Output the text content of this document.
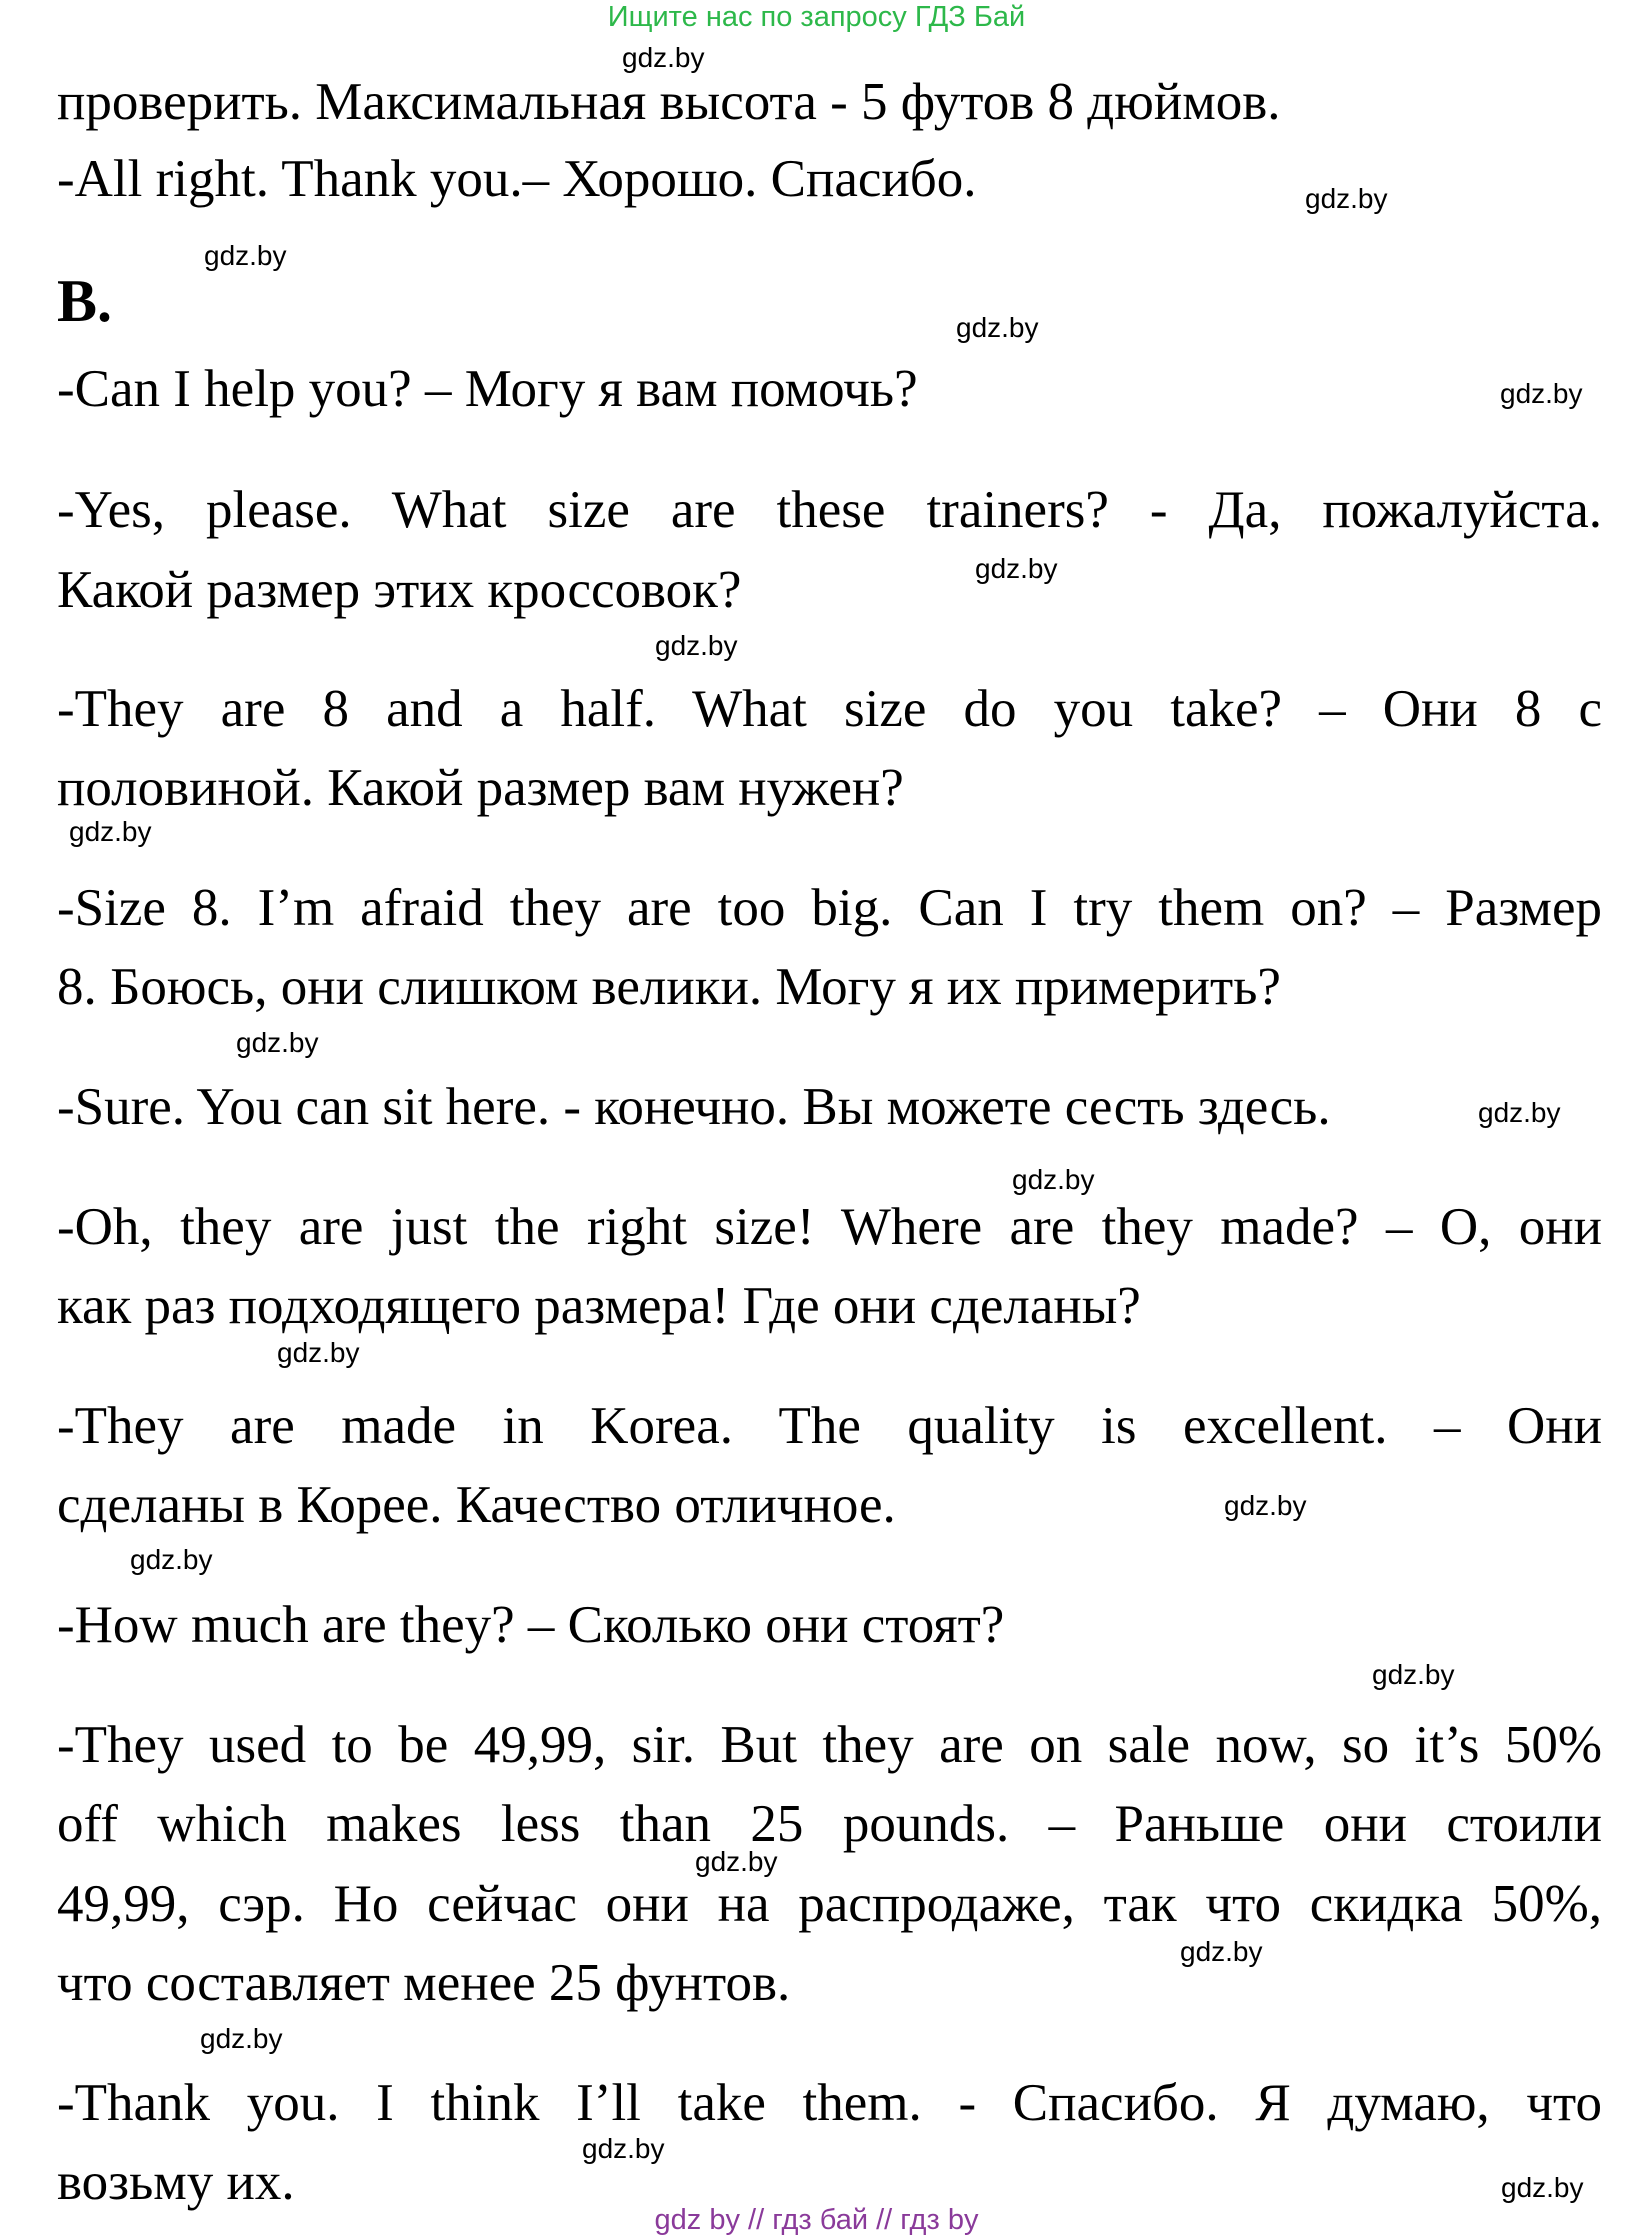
Ищите нас по запросу ГДЗ Бай
проверить. Максимальная высота - 5 футов 8 дюймов.
-All right. Thank you.– Хорошо. Спасибо.
B.
-Can I help you? – Могу я вам помочь?
-Yes, please. What size are these trainers? - Да, пожалуйста.
Какой размер этих кроссовок?
-They are 8 and a half. What size do you take? – Они 8 с
половиной. Какой размер вам нужен?
-Size 8. I’m afraid they are too big. Can I try them on? – Размер
8. Боюсь, они слишком велики. Могу я их примерить?
-Sure. You can sit here. - конечно. Вы можете сесть здесь.
-Oh, they are just the right size! Where are they made? – О, они
как раз подходящего размера! Где они сделаны?
-They are made in Korea. The quality is excellent. – Они
сделаны в Корее. Качество отличное.
-How much are they? – Сколько они стоят?
-They used to be 49,99, sir. But they are on sale now, so it’s 50%
off which makes less than 25 pounds. – Раньше они стоили
49,99, сэр. Но сейчас они на распродаже, так что скидка 50%,
что составляет менее 25 фунтов.
-Thank you. I think I’ll take them. - Спасибо. Я думаю, что
возьму их.
gdz.by
gdz.by
gdz.by
gdz.by
gdz.by
gdz.by
gdz.by
gdz.by
gdz.by
gdz.by
gdz.by
gdz.by
gdz.by
gdz.by
gdz.by
gdz.by
gdz.by
gdz.by
gdz.by
gdz.by
gdz by // гдз бай // гдз by
